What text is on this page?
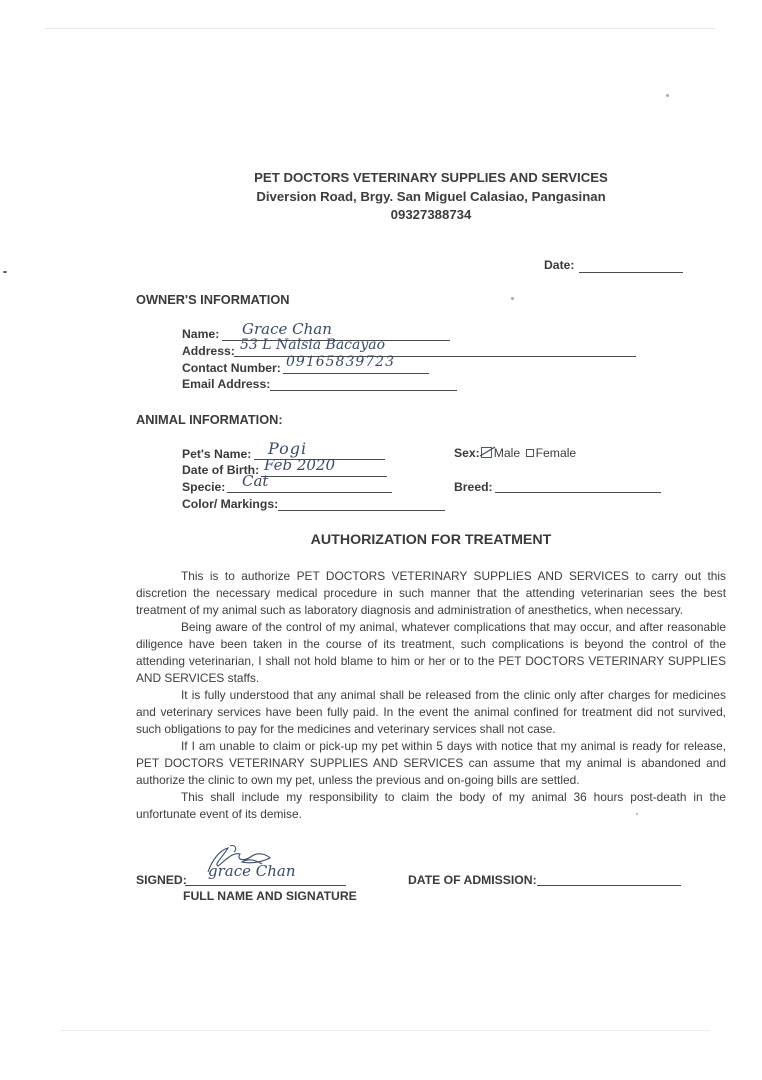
PET DOCTORS VETERINARY SUPPLIES AND SERVICES
Diversion Road, Brgy. San Miguel Calasiao, Pangasinan
09327388734
Date:
OWNER'S INFORMATION
Name: Grace Chan
Address: 53 L Nalsia Bacayao
Contact Number: 09165839723
Email Address:
ANIMAL INFORMATION:
Pet's Name: Pogi
Date of Birth: Feb 2020
Specie: Cat
Color/ Markings:
Sex: Male Female
Breed:
AUTHORIZATION FOR TREATMENT

This is to authorize PET DOCTORS VETERINARY SUPPLIES AND SERVICES to carry out this discretion the necessary medical procedure in such manner that the attending veterinarian sees the best treatment of my animal such as laboratory diagnosis and administration of anesthetics, when necessary.

Being aware of the control of my animal, whatever complications that may occur, and after reasonable diligence have been taken in the course of its treatment, such complications is beyond the control of the attending veterinarian, I shall not hold blame to him or her or to the PET DOCTORS VETERINARY SUPPLIES AND SERVICES staffs.

It is fully understood that any animal shall be released from the clinic only after charges for medicines and veterinary services have been fully paid. In the event the animal confined for treatment did not survived, such obligations to pay for the medicines and veterinary services shall not case.

If I am unable to claim or pick-up my pet within 5 days with notice that my animal is ready for release, PET DOCTORS VETERINARY SUPPLIES AND SERVICES can assume that my animal is abandoned and authorize the clinic to own my pet, unless the previous and on-going bills are settled.

This shall include my responsibility to claim the body of my animal 36 hours post-death in the unfortunate event of its demise.

SIGNED: grace Chan
FULL NAME AND SIGNATURE
DATE OF ADMISSION:
